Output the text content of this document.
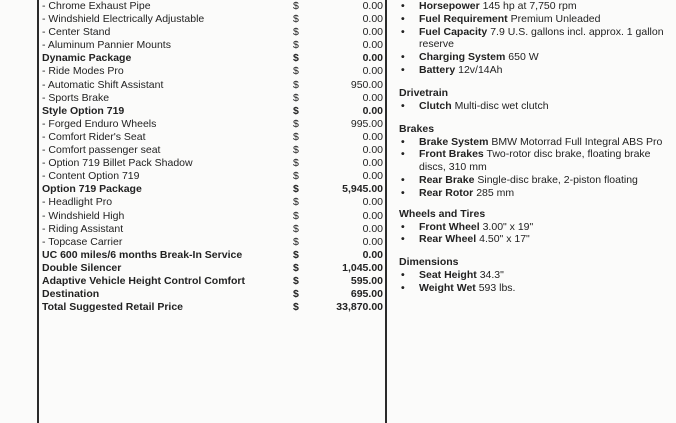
- Chrome Exhaust Pipe	$	0.00
- Windshield Electrically Adjustable	$	0.00
- Center Stand	$	0.00
- Aluminum Pannier Mounts	$	0.00
Dynamic Package	$	0.00
- Ride Modes Pro	$	0.00
- Automatic Shift Assistant	$	950.00
- Sports Brake	$	0.00
Style Option 719	$	0.00
- Forged Enduro Wheels	$	995.00
- Comfort Rider's Seat	$	0.00
- Comfort passenger seat	$	0.00
- Option 719 Billet Pack Shadow	$	0.00
- Content Option 719	$	0.00
Option 719 Package	$	5,945.00
- Headlight Pro	$	0.00
- Windshield High	$	0.00
- Riding Assistant	$	0.00
- Topcase Carrier	$	0.00
UC 600 miles/6 months Break-In Service	$	0.00
Double Silencer	$	1,045.00
Adaptive Vehicle Height Control Comfort	$	595.00
Destination	$	695.00
Total Suggested Retail Price	$	33,870.00
• Horsepower 145 hp at 7,750 rpm
• Fuel Requirement Premium Unleaded
• Fuel Capacity 7.9 U.S. gallons incl. approx. 1 gallon reserve
• Charging System 650 W
• Battery 12v/14Ah
Drivetrain
• Clutch Multi-disc wet clutch
Brakes
• Brake System BMW Motorrad Full Integral ABS Pro
• Front Brakes Two-rotor disc brake, floating brake discs, 310 mm
• Rear Brake Single-disc brake, 2-piston floating
• Rear Rotor 285 mm
Wheels and Tires
• Front Wheel 3.00" x 19"
• Rear Wheel 4.50" x 17"
Dimensions
• Seat Height 34.3"
• Weight Wet 593 lbs.
